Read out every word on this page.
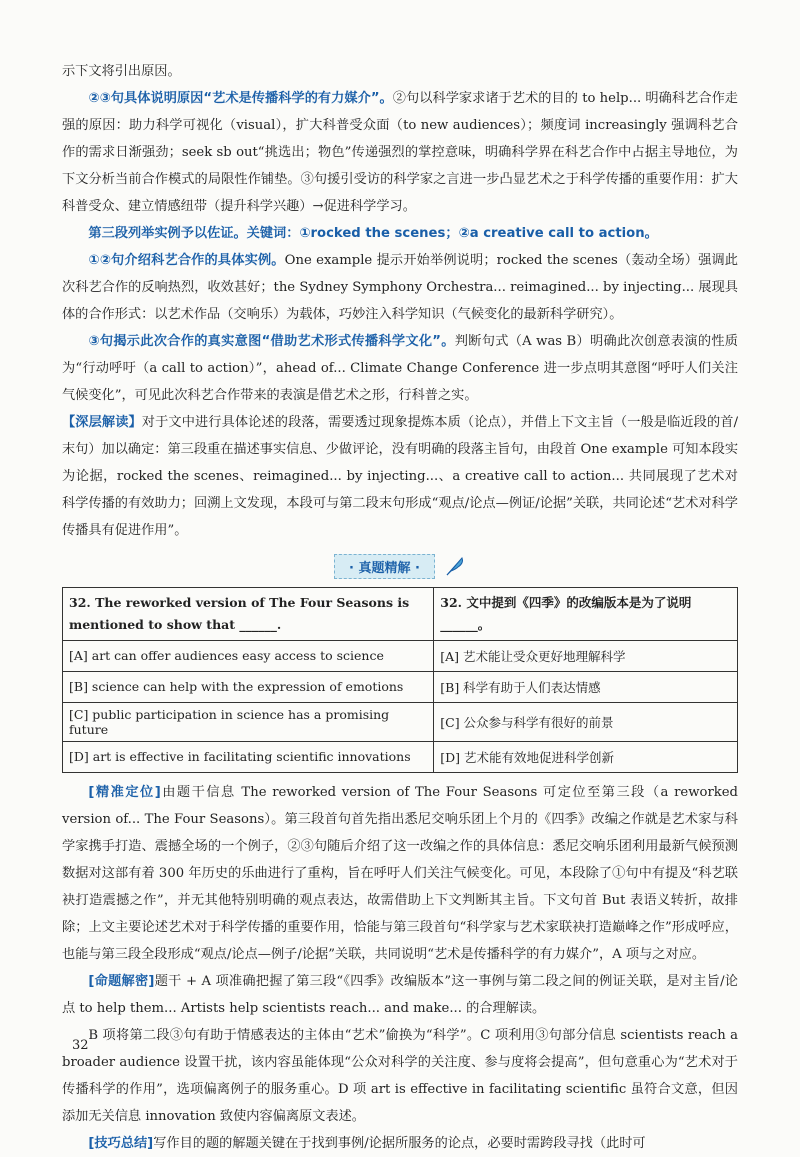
示下文将引出原因。

②③句具体说明原因“艺术是传播科学的有力媒介”。②句以科学家求诸于艺术的目的 to help... 明确科艺合作走强的原因：助力科学可视化（visual），扩大科普受众面（to new audiences）；频度词 increasingly 强调科艺合作的需求日渐强劲；seek sb out“挑选出；物色”传递强烈的掌控意味，明确科学界在科艺合作中占据主导地位，为下文分析当前合作模式的局限性作铺垫。③句援引受访的科学家之言进一步凸显艺术之于科学传播的重要作用：扩大科普受众、建立情感纽带（提升科学兴趣）→促进科学学习。

第三段列举实例予以佐证。关键词：①rocked the scenes；②a creative call to action。

①②句介绍科艺合作的具体实例。One example 提示开始举例说明；rocked the scenes（轰动全场）强调此次科艺合作的反响热烈，收效甚好；the Sydney Symphony Orchestra... reimagined... by injecting... 展现具体的合作形式：以艺术作品（交响乐）为载体，巧妙注入科学知识（气候变化的最新科学研究）。

③句揭示此次合作的真实意图“借助艺术形式传播科学文化”。判断句式（A was B）明确此次创意表演的性质为“行动呼吁（a call to action）”，ahead of... Climate Change Conference 进一步点明其意图“呼吁人们关注气候变化”，可见此次科艺合作带来的表演是借艺术之形，行科普之实。

【深层解读】对于文中进行具体论述的段落，需要透过现象提炼本质（论点），并借上下文主旨（一般是临近段的首/末句）加以确定：第三段重在描述事实信息、少做评论，没有明确的段落主旨句，由段首 One example 可知本段实为论据，rocked the scenes、reimagined... by injecting...、a creative call to action... 共同展现了艺术对科学传播的有效助力；回溯上文发现，本段可与第二段末句形成“观点/论点—例证/论据”关联，共同论述“艺术对科学传播具有促进作用”。

· 真题精解 ·
32. The reworked version of The Four Seasons is mentioned to show that ______.	32. 文中提到《四季》的改编版本是为了说明______。
[A] art can offer audiences easy access to science	[A] 艺术能让受众更好地理解科学
[B] science can help with the expression of emotions	[B] 科学有助于人们表达情感
[C] public participation in science has a promising future	[C] 公众参与科学有很好的前景
[D] art is effective in facilitating scientific innovations	[D] 艺术能有效地促进科学创新

[精准定位]由题干信息 The reworked version of The Four Seasons 可定位至第三段（a reworked version of... The Four Seasons）。第三段首句首先指出悉尼交响乐团上个月的《四季》改编之作就是艺术家与科学家携手打造、震撼全场的一个例子，②③句随后介绍了这一改编之作的具体信息：悉尼交响乐团利用最新气候预测数据对这部有着 300 年历史的乐曲进行了重构，旨在呼吁人们关注气候变化。可见，本段除了①句中有提及“科艺联袂打造震撼之作”，并无其他特别明确的观点表达，故需借助上下文判断其主旨。下文句首 But 表语义转折，故排除；上文主要论述艺术对于科学传播的重要作用，恰能与第三段首句“科学家与艺术家联袂打造巅峰之作”形成呼应，也能与第三段全段形成“观点/论点—例子/论据”关联，共同说明“艺术是传播科学的有力媒介”，A 项与之对应。

[命题解密]题干 + A 项准确把握了第三段“《四季》改编版本”这一事例与第二段之间的例证关联，是对主旨/论点 to help them... Artists help scientists reach... and make... 的合理解读。

B 项将第二段③句有助于情感表达的主体由“艺术”偷换为“科学”。C 项利用③句部分信息 scientists reach a broader audience 设置干扰，该内容虽能体现“公众对科学的关注度、参与度将会提高”，但句意重心为“艺术对于传播科学的作用”，选项偏离例子的服务重心。D 项 art is effective in facilitating scientific 虽符合文意，但因添加无关信息 innovation 致使内容偏离原文表述。

[技巧总结]写作目的题的解题关键在于找到事例/论据所服务的论点，必要时需跨段寻找（此时可

32
